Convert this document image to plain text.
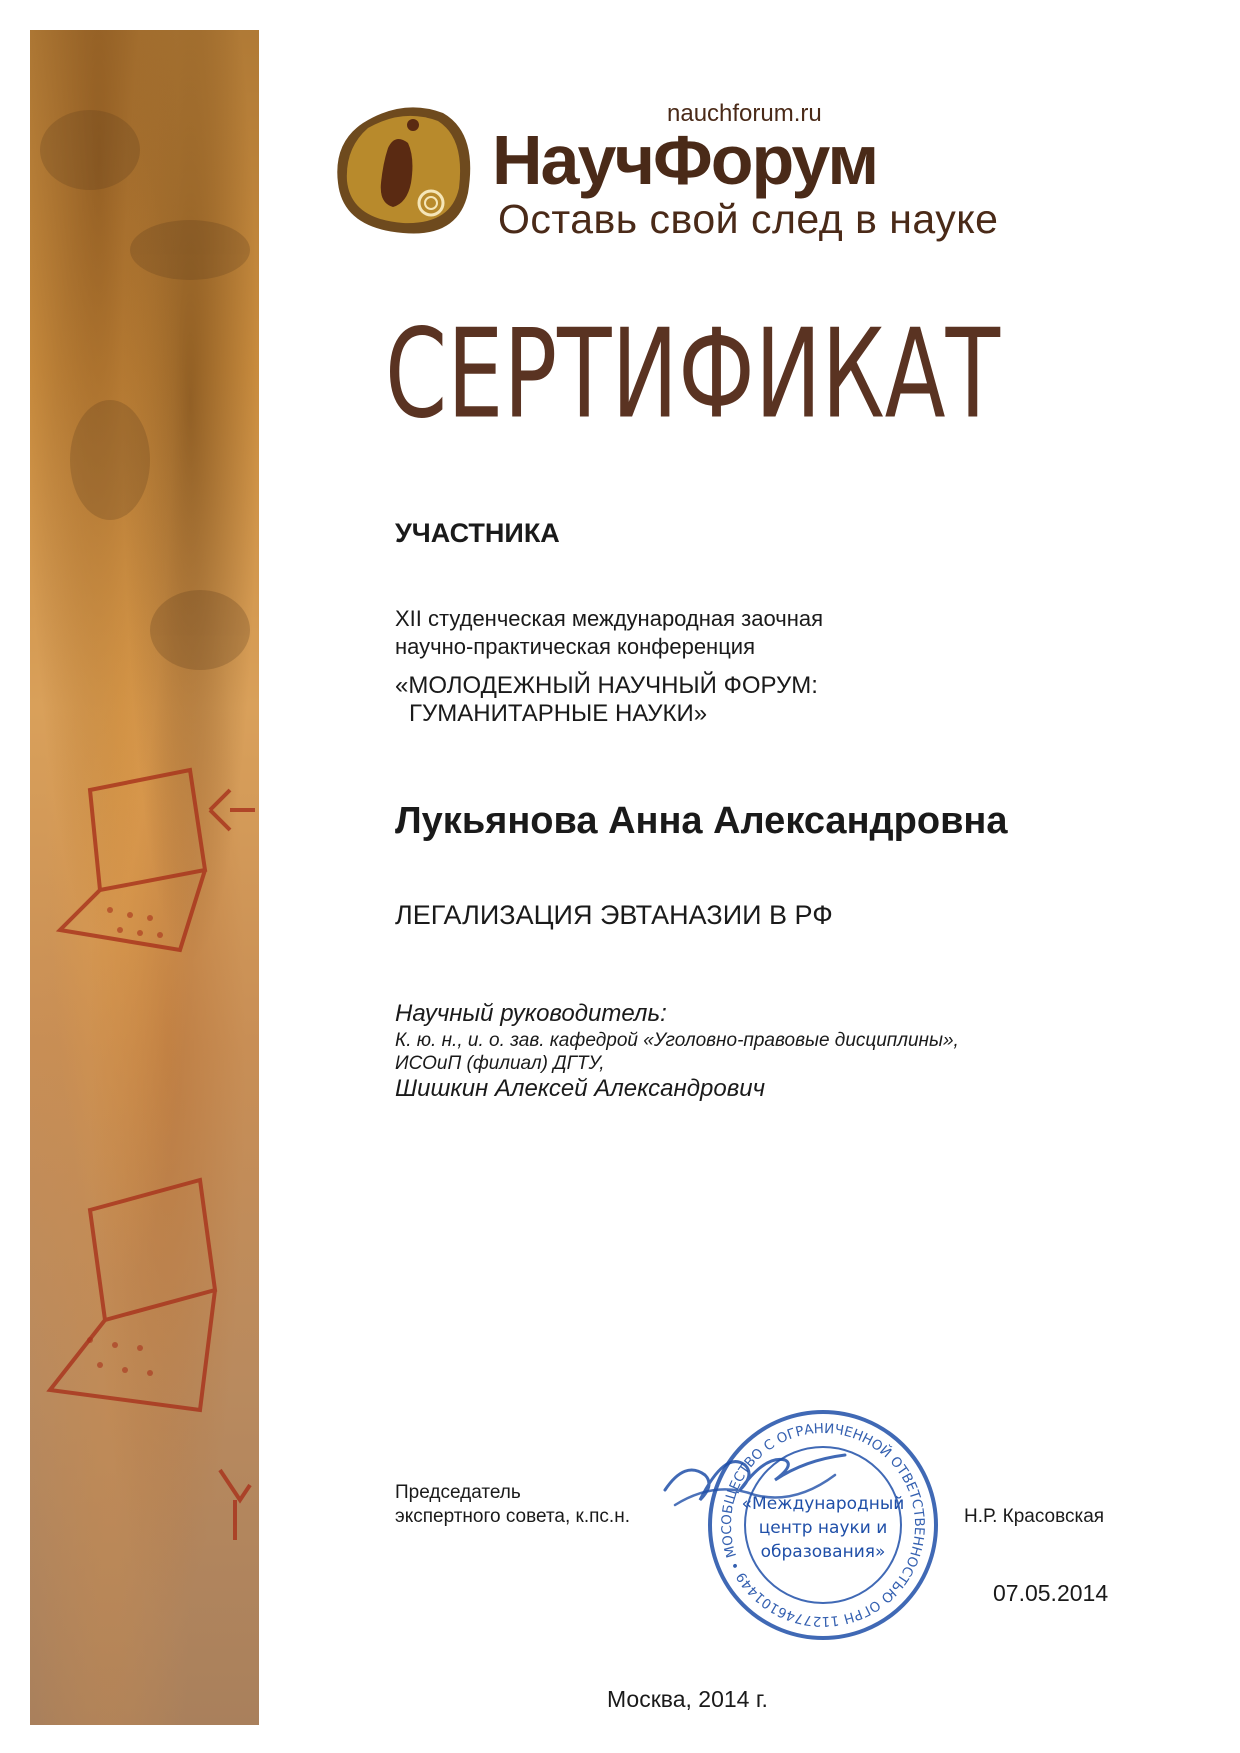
nauchforum.ru
НаучФорум
Оставь свой след в науке
СЕРТИФИКАТ
УЧАСТНИКА
XII студенческая международная заочная
научно-практическая конференция
«МОЛОДЕЖНЫЙ НАУЧНЫЙ ФОРУМ:
ГУМАНИТАРНЫЕ НАУКИ»
Лукьянова Анна Александровна
ЛЕГАЛИЗАЦИЯ ЭВТАНАЗИИ В РФ
Научный руководитель:
К. ю. н., и. о. зав. кафедрой «Уголовно-правовые дисциплины»,
ИСОиП (филиал) ДГТУ,
Шишкин Алексей Александрович
Председатель
экспертного совета, к.пс.н.	Н.Р. Красовская
ОБЩЕСТВО С ОГРАНИЧЕННОЙ ОТВЕТСТВЕННОСТЬЮ ОГРН 1127746101449 • МОС
«Международный
центр науки и
образования»
07.05.2014
Москва, 2014 г.
